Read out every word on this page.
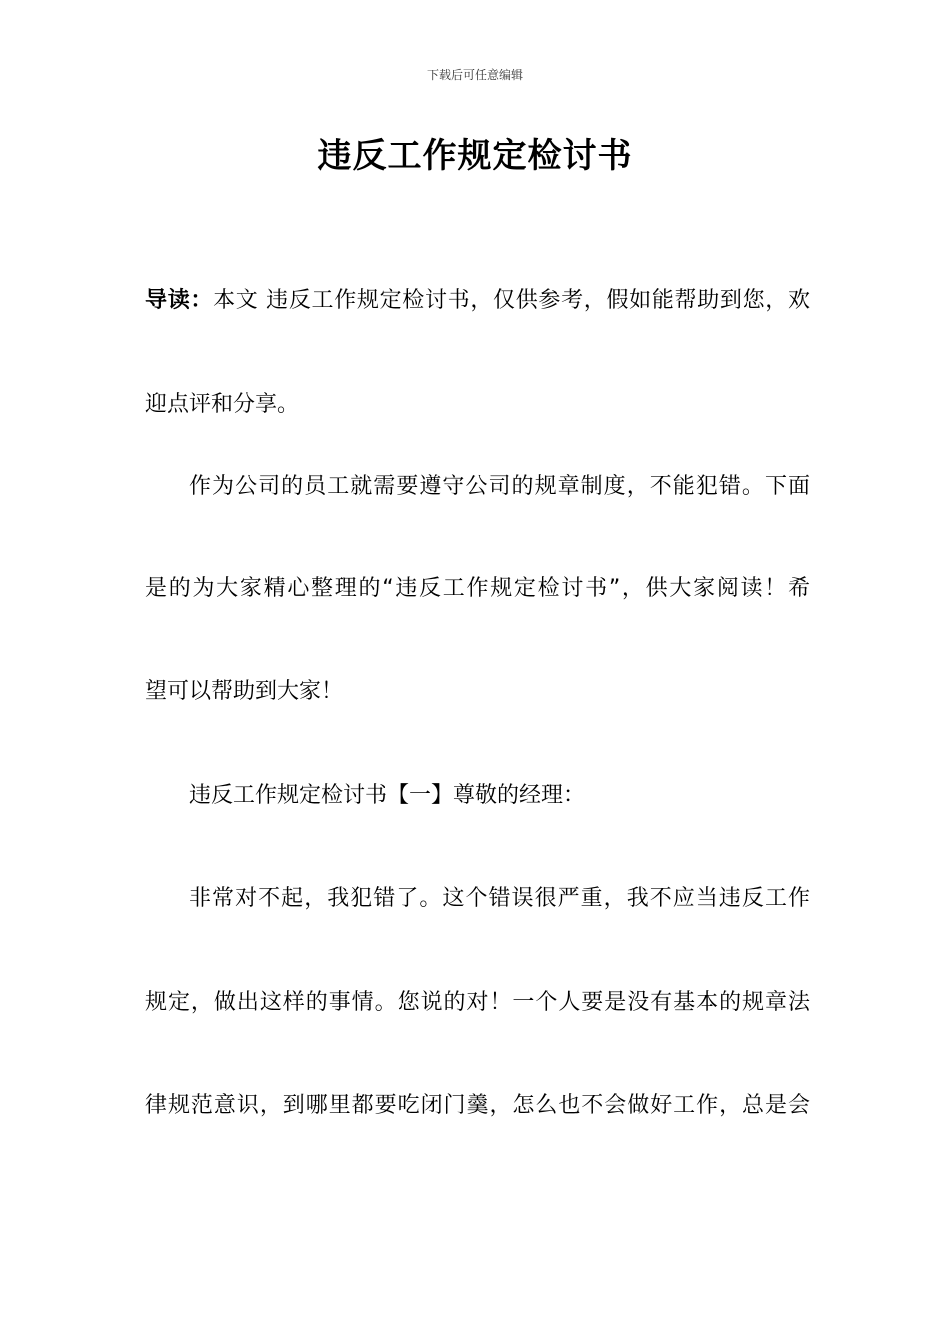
下载后可任意编辑
违反工作规定检讨书
导读：本文 违反工作规定检讨书，仅供参考，假如能帮助到您，欢
迎点评和分享。
作为公司的员工就需要遵守公司的规章制度，不能犯错。下面
是的为大家精心整理的“违反工作规定检讨书”，供大家阅读！希
望可以帮助到大家！
违反工作规定检讨书【一】尊敬的经理：
非常对不起，我犯错了。这个错误很严重，我不应当违反工作
规定，做出这样的事情。您说的对！一个人要是没有基本的规章法
律规范意识，到哪里都要吃闭门羹，怎么也不会做好工作，总是会
